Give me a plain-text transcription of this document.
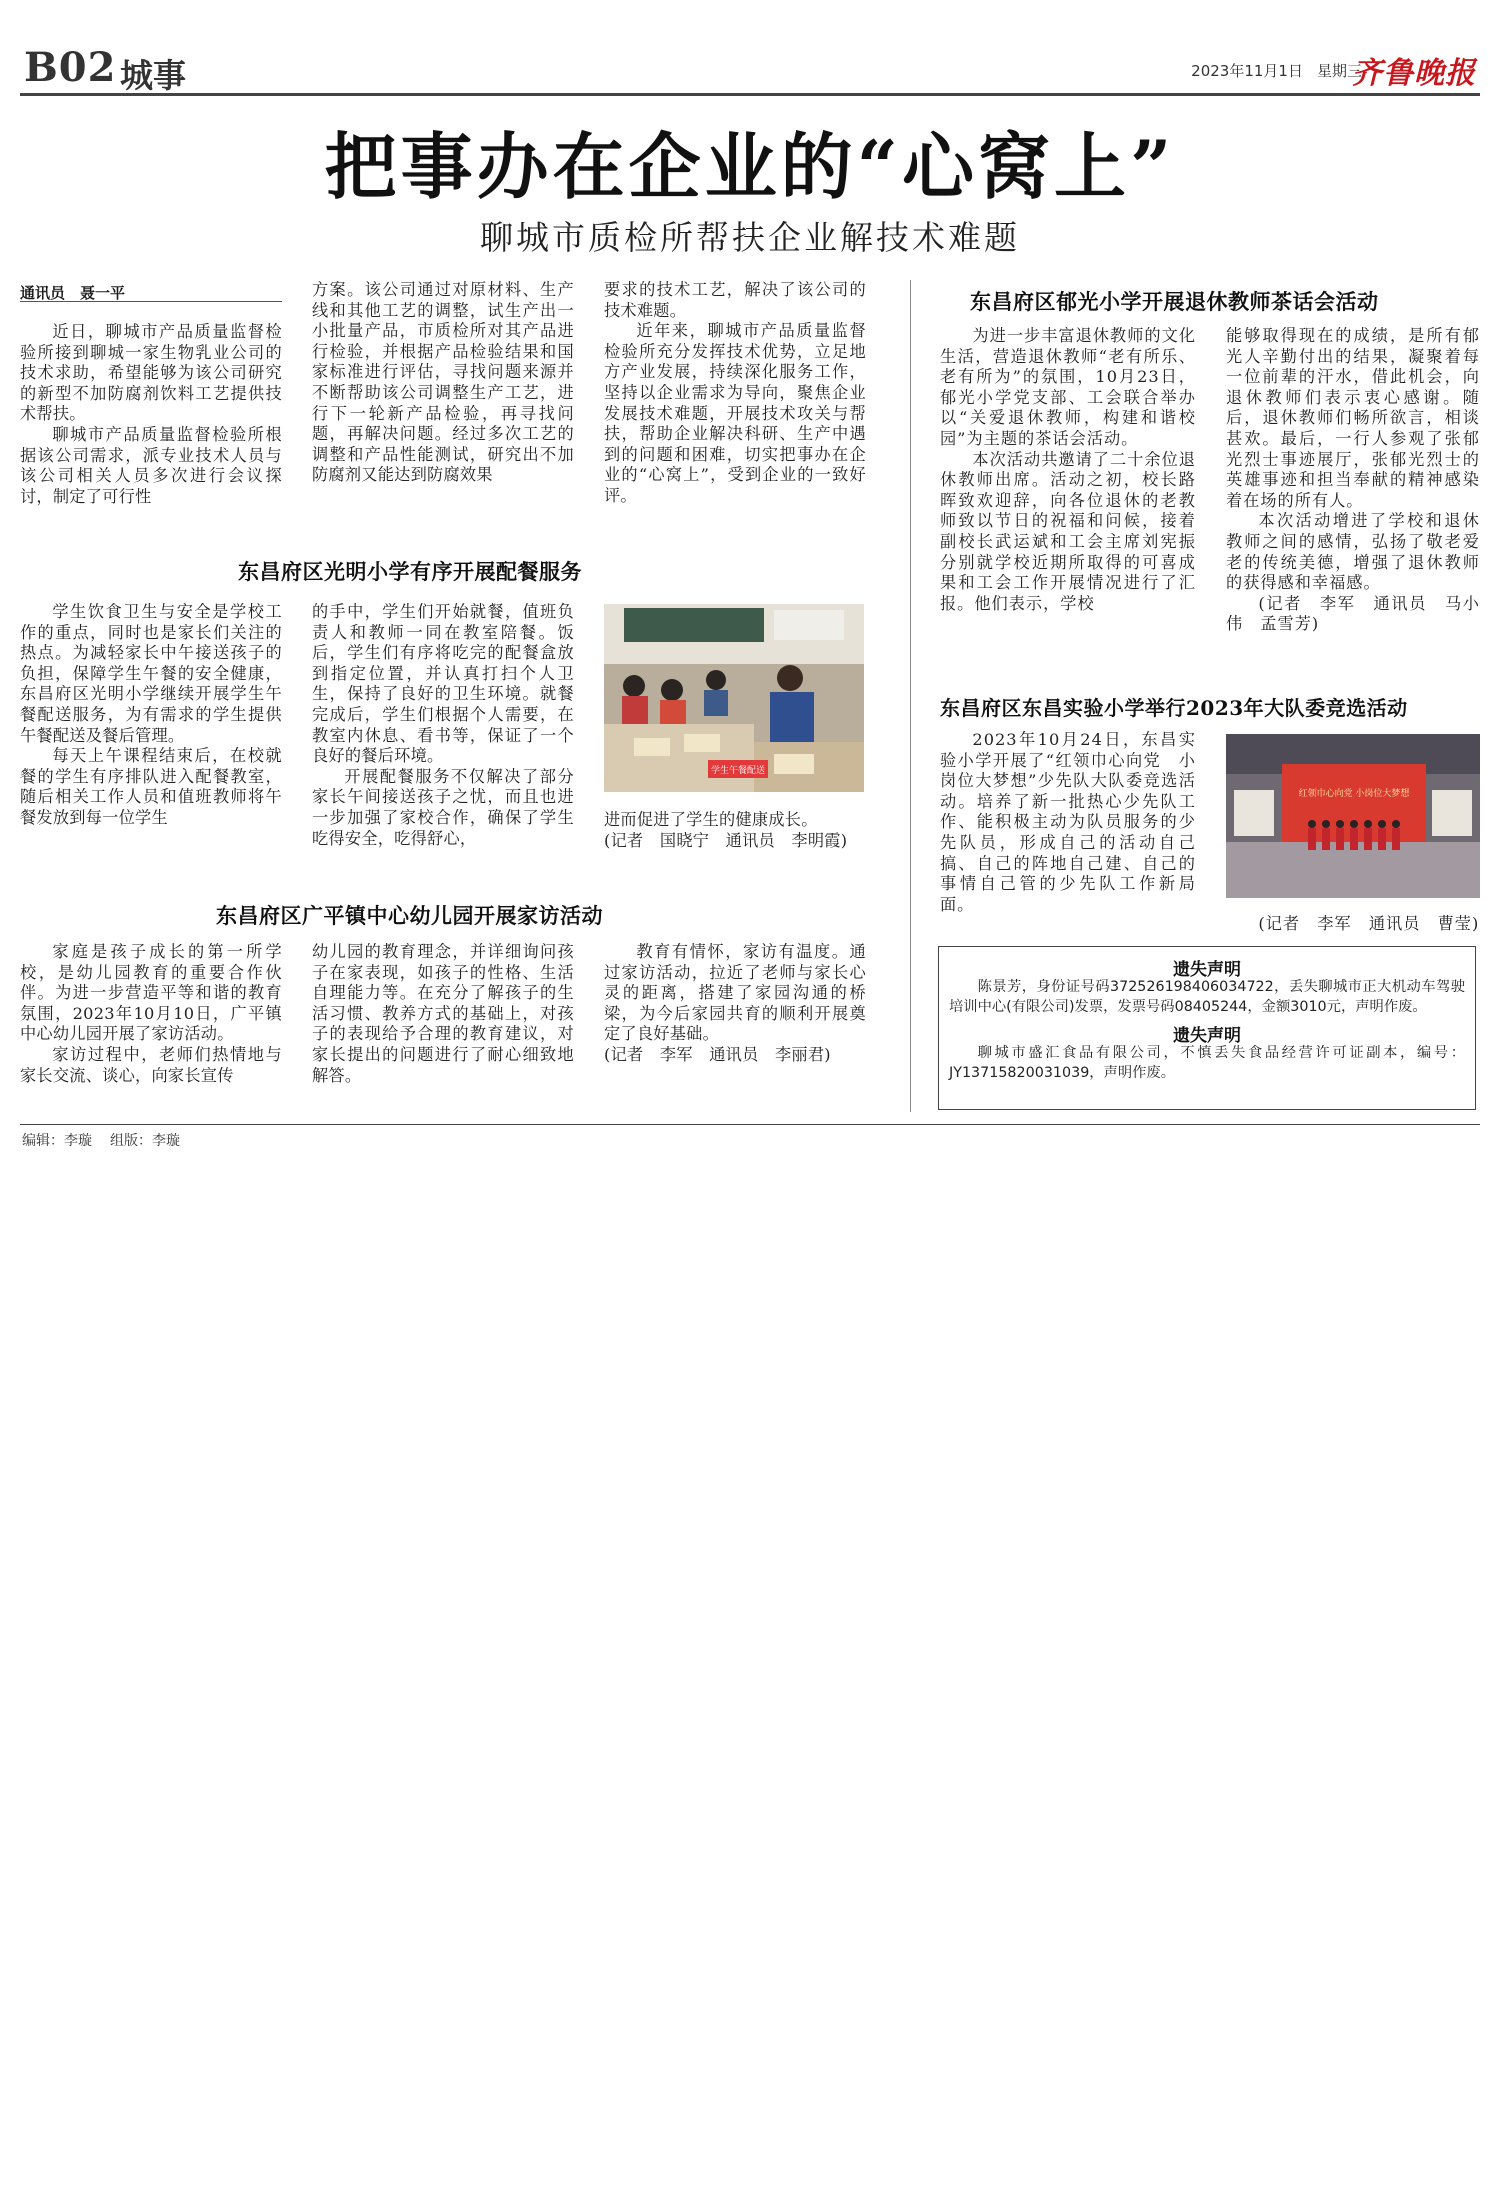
B02 城事	2023年11月1日 星期三
齐鲁晚报
把事办在企业的“心窝上”
聊城市质检所帮扶企业解技术难题
通讯员　聂一平

近日，聊城市产品质量监督检验所接到聊城一家生物乳业公司的技术求助，希望能够为该公司研究的新型不加防腐剂饮料工艺提供技术帮扶。

聊城市产品质量监督检验所根据该公司需求，派专业技术人员与该公司相关人员多次进行会议探讨，制定了可行性

方案。该公司通过对原材料、生产线和其他工艺的调整，试生产出一小批量产品，市质检所对其产品进行检验，并根据产品检验结果和国家标准进行评估，寻找问题来源并不断帮助该公司调整生产工艺，进行下一轮新产品检验，再寻找问题，再解决问题。经过多次工艺的调整和产品性能测试，研究出不加防腐剂又能达到防腐效果

要求的技术工艺，解决了该公司的技术难题。

近年来，聊城市产品质量监督检验所充分发挥技术优势，立足地方产业发展，持续深化服务工作，坚持以企业需求为导向，聚焦企业发展技术难题，开展技术攻关与帮扶，帮助企业解决科研、生产中遇到的问题和困难，切实把事办在企业的“心窝上”，受到企业的一致好评。

东昌府区光明小学有序开展配餐服务

学生饮食卫生与安全是学校工作的重点，同时也是家长们关注的热点。为减轻家长中午接送孩子的负担，保障学生午餐的安全健康，东昌府区光明小学继续开展学生午餐配送服务，为有需求的学生提供午餐配送及餐后管理。

每天上午课程结束后，在校就餐的学生有序排队进入配餐教室，随后相关工作人员和值班教师将午餐发放到每一位学生

的手中，学生们开始就餐，值班负责人和教师一同在教室陪餐。饭后，学生们有序将吃完的配餐盒放到指定位置，并认真打扫个人卫生，保持了良好的卫生环境。就餐完成后，学生们根据个人需要，在教室内休息、看书等，保证了一个良好的餐后环境。

开展配餐服务不仅解决了部分家长午间接送孩子之忧，而且也进一步加强了家校合作，确保了学生吃得安全，吃得舒心，

学生午餐配送

进而促进了学生的健康成长。

(记者　国晓宁　通讯员　李明霞)

东昌府区广平镇中心幼儿园开展家访活动

家庭是孩子成长的第一所学校，是幼儿园教育的重要合作伙伴。为进一步营造平等和谐的教育氛围，2023年10月10日，广平镇中心幼儿园开展了家访活动。

家访过程中，老师们热情地与家长交流、谈心，向家长宣传

幼儿园的教育理念，并详细询问孩子在家表现，如孩子的性格、生活自理能力等。在充分了解孩子的生活习惯、教养方式的基础上，对孩子的表现给予合理的教育建议，对家长提出的问题进行了耐心细致地解答。

教育有情怀，家访有温度。通过家访活动，拉近了老师与家长心灵的距离，搭建了家园沟通的桥梁，为今后家园共育的顺利开展奠定了良好基础。

(记者　李军　通讯员　李丽君)

东昌府区郁光小学开展退休教师茶话会活动

为进一步丰富退休教师的文化生活，营造退休教师“老有所乐、老有所为”的氛围，10月23日，郁光小学党支部、工会联合举办以“关爱退休教师，构建和谐校园”为主题的茶话会活动。

本次活动共邀请了二十余位退休教师出席。活动之初，校长路晖致欢迎辞，向各位退休的老教师致以节日的祝福和问候，接着副校长武运斌和工会主席刘宪振分别就学校近期所取得的可喜成果和工会工作开展情况进行了汇报。他们表示，学校

能够取得现在的成绩，是所有郁光人辛勤付出的结果，凝聚着每一位前辈的汗水，借此机会，向退休教师们表示衷心感谢。随后，退休教师们畅所欲言，相谈甚欢。最后，一行人参观了张郁光烈士事迹展厅，张郁光烈士的英雄事迹和担当奉献的精神感染着在场的所有人。

本次活动增进了学校和退休教师之间的感情，弘扬了敬老爱老的传统美德，增强了退休教师的获得感和幸福感。

(记者　李军　通讯员　马小伟　孟雪芳)

东昌府区东昌实验小学举行2023年大队委竞选活动

2023年10月24日，东昌实验小学开展了“红领巾心向党　小岗位大梦想”少先队大队委竞选活动。培养了新一批热心少先队工作、能积极主动为队员服务的少先队员，形成自己的活动自己搞、自己的阵地自己建、自己的事情自己管的少先队工作新局面。

红领巾心向党 小岗位大梦想

(记者　李军　通讯员　曹莹)

遗失声明
陈景芳，身份证号码372526198406034722，丢失聊城市正大机动车驾驶培训中心(有限公司)发票，发票号码08405244，金额3010元，声明作废。
遗失声明
聊城市盛汇食品有限公司，不慎丢失食品经营许可证副本，编号：JY13715820031039，声明作废。
编辑：李璇 组版：李璇
